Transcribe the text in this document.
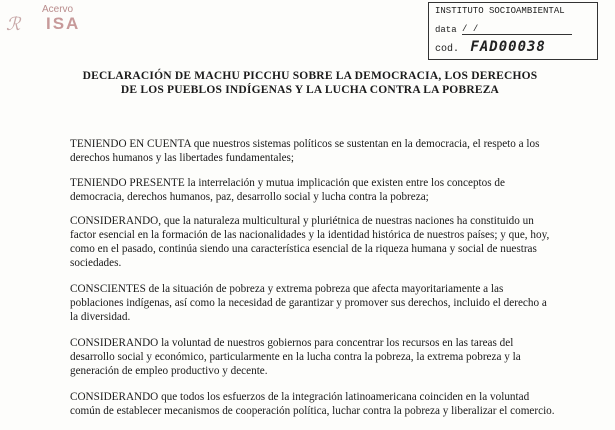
ℛ
Acervo
ISA
INSTITUTO SOCIOAMBIENTAL
data / /
cod. FAD00038
DECLARACIÓN DE MACHU PICCHU SOBRE LA DEMOCRACIA, LOS DERECHOS
DE LOS PUEBLOS INDÍGENAS Y LA LUCHA CONTRA LA POBREZA
TENIENDO EN CUENTA que nuestros sistemas políticos se sustentan en la democracia, el respeto a los derechos humanos y las libertades fundamentales;
TENIENDO PRESENTE la interrelación y mutua implicación que existen entre los conceptos de democracia, derechos humanos, paz, desarrollo social y lucha contra la pobreza;
CONSIDERANDO, que la naturaleza multicultural y pluriétnica de nuestras naciones ha constituido un factor esencial en la formación de las nacionalidades y la identidad histórica de nuestros países; y que, hoy, como en el pasado, continúa siendo una característica esencial de la riqueza humana y social de nuestras sociedades.
CONSCIENTES de la situación de pobreza y extrema pobreza que afecta mayoritariamente a las poblaciones indígenas, así como la necesidad de garantizar y promover sus derechos, incluido el derecho a la diversidad.
CONSIDERANDO la voluntad de nuestros gobiernos para concentrar los recursos en las tareas del desarrollo social y económico, particularmente en la lucha contra la pobreza, la extrema pobreza y la generación de empleo productivo y decente.
CONSIDERANDO que todos los esfuerzos de la integración latinoamericana coinciden en la voluntad común de establecer mecanismos de cooperación política, luchar contra la pobreza y liberalizar el comercio.
